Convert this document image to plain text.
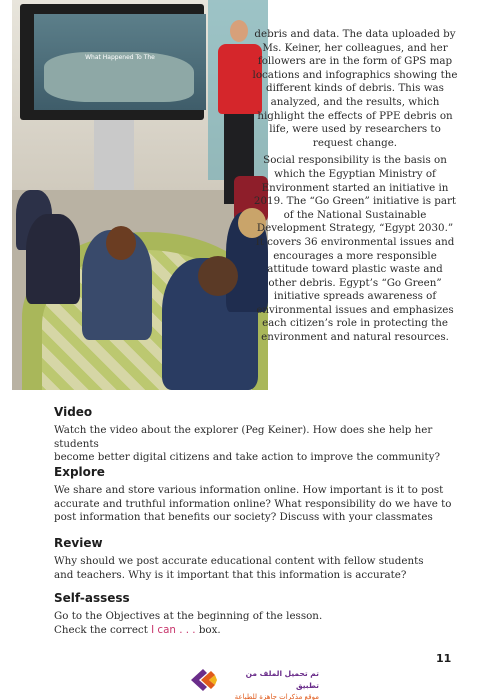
What Happened To The

debris and data. The data uploaded by Ms. Keiner, her colleagues, and her followers are in the form of GPS map locations and infographics showing the different kinds of debris. This was analyzed, and the results, which highlight the effects of PPE debris on life, were used by researchers to request change.

Social responsibility is the basis on which the Egyptian Ministry of Environment started an initiative in 2019. The “Go Green” initiative is part of the National Sustainable Development Strategy, “Egypt 2030.” It covers 36 environmental issues and encourages a more responsible attitude toward plastic waste and other debris. Egypt’s “Go Green” initiative spreads awareness of environmental issues and emphasizes each citizen’s role in protecting the environment and natural resources.

Video
Watch the video about the explorer (Peg Keiner). How does she help her students
become better digital citizens and take action to improve the community?
Explore
We share and store various information online. How important is it to post
accurate and truthful information online? What responsibility do we have to
post information that benefits our society? Discuss with your classmates
Review
Why should we post accurate educational content with fellow students
and teachers. Why is it important that this information is accurate?
Self-assess
Go to the Objectives at the beginning of the lesson.
Check the correct I can . . . box.
11
تم تحميل الملف من تطبيق
موقع مذكرات جاهزة للطباعة
